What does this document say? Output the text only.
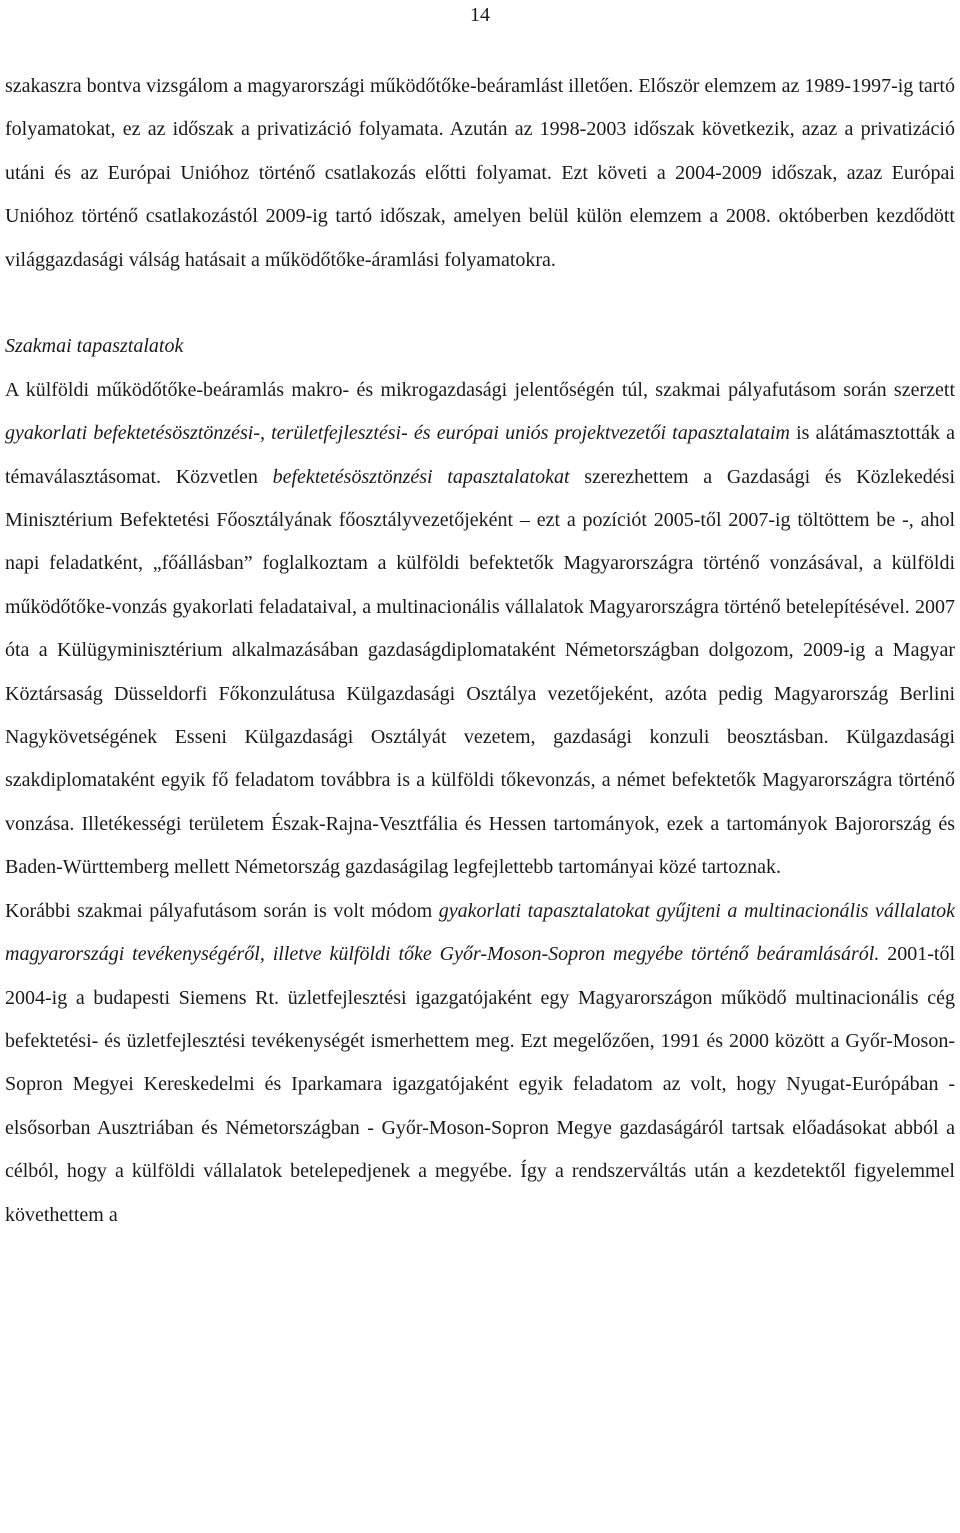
14

szakaszra bontva vizsgálom a magyarországi működőtőke-beáramlást illetően. Először elemzem az 1989-1997-ig tartó folyamatokat, ez az időszak a privatizáció folyamata. Azután az 1998-2003 időszak következik, azaz a privatizáció utáni és az Európai Unióhoz történő csatlakozás előtti folyamat. Ezt követi a 2004-2009 időszak, azaz Európai Unióhoz történő csatlakozástól 2009-ig tartó időszak, amelyen belül külön elemzem a 2008. októberben kezdődött világgazdasági válság hatásait a működőtőke-áramlási folyamatokra.

Szakmai tapasztalatok

A külföldi működőtőke-beáramlás makro- és mikrogazdasági jelentőségén túl, szakmai pályafutásom során szerzett gyakorlati befektetésösztönzési-, területfejlesztési- és európai uniós projektvezetői tapasztalataim is alátámasztották a témaválasztásomat. Közvetlen befektetésösztönzési tapasztalatokat szerezhettem a Gazdasági és Közlekedési Minisztérium Befektetési Főosztályának főosztályvezetőjeként – ezt a pozíciót 2005-től 2007-ig töltöttem be -, ahol napi feladatként, „főállásban” foglalkoztam a külföldi befektetők Magyarországra történő vonzásával, a külföldi működőtőke-vonzás gyakorlati feladataival, a multinacionális vállalatok Magyarországra történő betelepítésével. 2007 óta a Külügyminisztérium alkalmazásában gazdaságdiplomataként Németországban dolgozom, 2009-ig a Magyar Köztársaság Düsseldorfi Főkonzulátusa Külgazdasági Osztálya vezetőjeként, azóta pedig Magyarország Berlini Nagykövetségének Esseni Külgazdasági Osztályát vezetem, gazdasági konzuli beosztásban. Külgazdasági szakdiplomataként egyik fő feladatom továbbra is a külföldi tőkevonzás, a német befektetők Magyarországra történő vonzása. Illetékességi területem Észak-Rajna-Vesztfália és Hessen tartományok, ezek a tartományok Bajorország és Baden-Württemberg mellett Németország gazdaságilag legfejlettebb tartományai közé tartoznak.

Korábbi szakmai pályafutásom során is volt módom gyakorlati tapasztalatokat gyűjteni a multinacionális vállalatok magyarországi tevékenységéről, illetve külföldi tőke Győr-Moson-Sopron megyébe történő beáramlásáról. 2001-től 2004-ig a budapesti Siemens Rt. üzletfejlesztési igazgatójaként egy Magyarországon működő multinacionális cég befektetési- és üzletfejlesztési tevékenységét ismerhettem meg. Ezt megelőzően, 1991 és 2000 között a Győr-Moson-Sopron Megyei Kereskedelmi és Iparkamara igazgatójaként egyik feladatom az volt, hogy Nyugat-Európában - elsősorban Ausztriában és Németországban - Győr-Moson-Sopron Megye gazdaságáról tartsak előadásokat abból a célból, hogy a külföldi vállalatok betelepedjenek a megyébe. Így a rendszerváltás után a kezdetektől figyelemmel követhettem a
